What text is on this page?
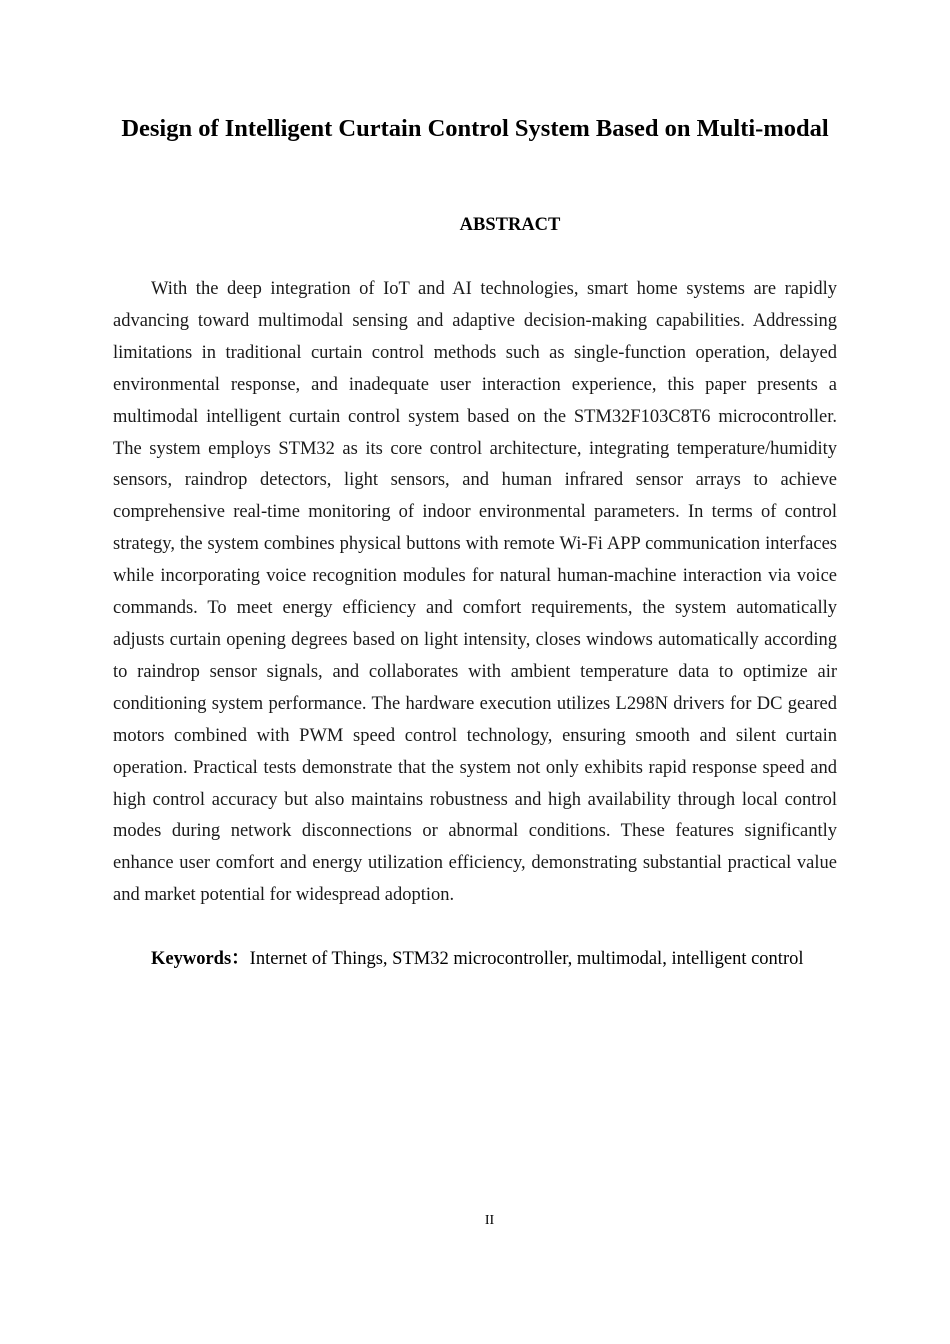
Design of Intelligent Curtain Control System Based on Multi-modal
ABSTRACT

With the deep integration of IoT and AI technologies, smart home systems are rapidly advancing toward multimodal sensing and adaptive decision-making capabilities. Addressing limitations in traditional curtain control methods such as single-function operation, delayed environmental response, and inadequate user interaction experience, this paper presents a multimodal intelligent curtain control system based on the STM32F103C8T6 microcontroller. The system employs STM32 as its core control architecture, integrating temperature/humidity sensors, raindrop detectors, light sensors, and human infrared sensor arrays to achieve comprehensive real-time monitoring of indoor environmental parameters. In terms of control strategy, the system combines physical buttons with remote Wi-Fi APP communication interfaces while incorporating voice recognition modules for natural human-machine interaction via voice commands. To meet energy efficiency and comfort requirements, the system automatically adjusts curtain opening degrees based on light intensity, closes windows automatically according to raindrop sensor signals, and collaborates with ambient temperature data to optimize air conditioning system performance. The hardware execution utilizes L298N drivers for DC geared motors combined with PWM speed control technology, ensuring smooth and silent curtain operation. Practical tests demonstrate that the system not only exhibits rapid response speed and high control accuracy but also maintains robustness and high availability through local control modes during network disconnections or abnormal conditions. These features significantly enhance user comfort and energy utilization efficiency, demonstrating substantial practical value and market potential for widespread adoption.

Keywords：Internet of Things, STM32 microcontroller, multimodal, intelligent control

II
